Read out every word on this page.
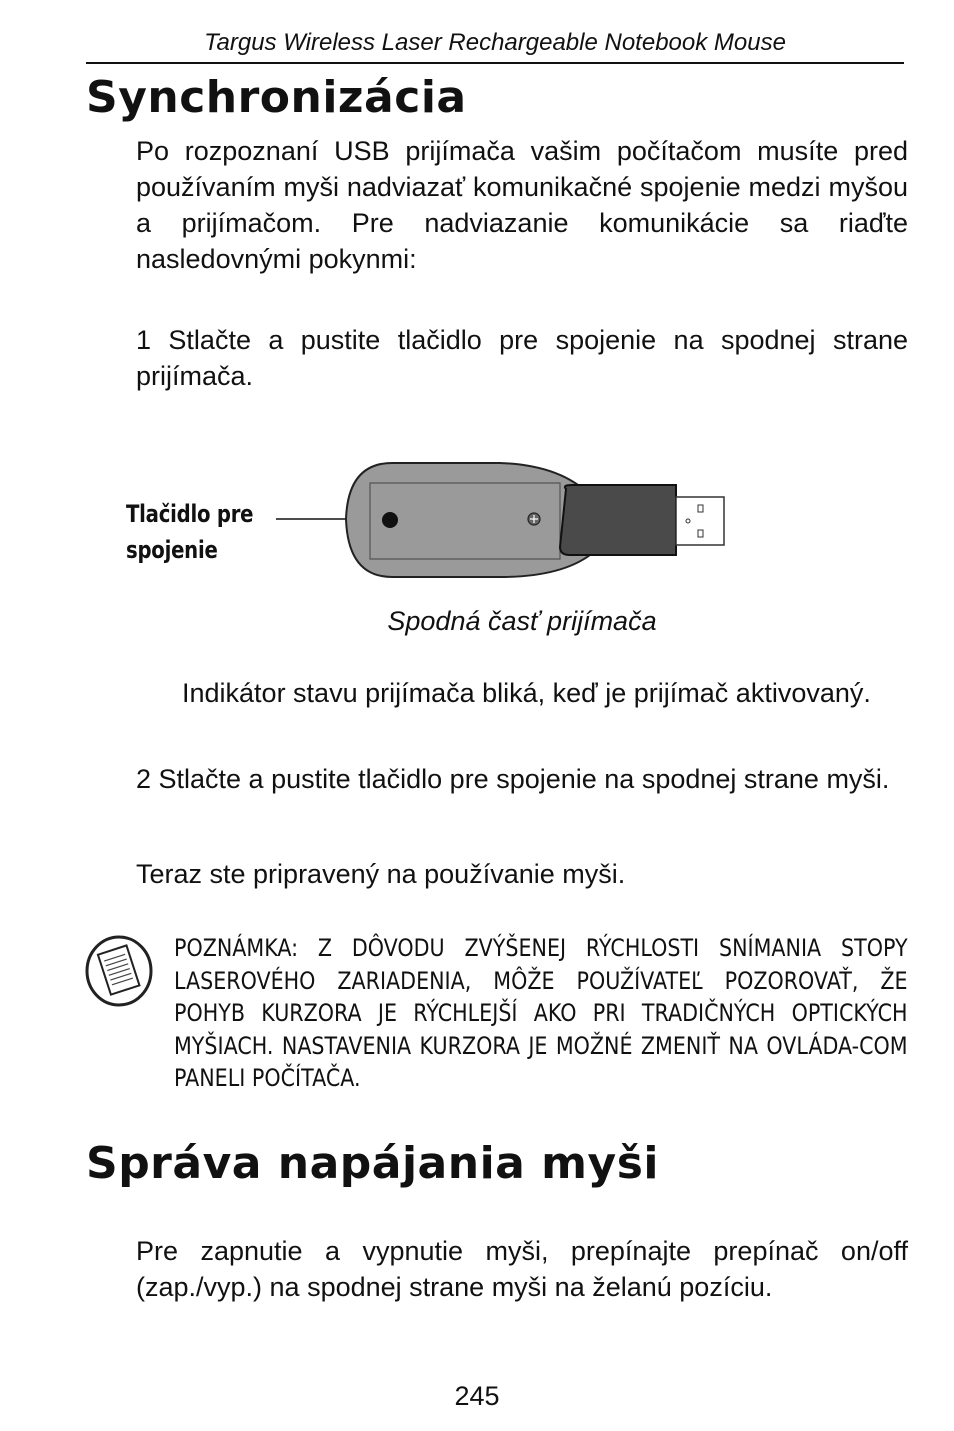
Targus Wireless Laser Rechargeable Notebook Mouse
Synchronizácia

Po rozpoznaní USB prijímača vašim počítačom musíte pred používaním myši nadviazať komunikačné spojenie medzi myšou a prijímačom. Pre nadviazanie komunikácie sa riaďte nasledovnými pokynmi:

1 Stlačte a pustite tlačidlo pre spojenie na spodnej strane prijímača.

Tlačidlo pre
spojenie
Spodná časť prijímača

Indikátor stavu prijímača bliká, keď je prijímač aktivovaný.

2 Stlačte a pustite tlačidlo pre spojenie na spodnej strane myši.

Teraz ste pripravený na používanie myši.

POZNÁMKA: Z DÔVODU ZVÝŠENEJ RÝCHLOSTI SNÍMANIA STOPY LASEROVÉHO ZARIADENIA, MÔŽE POUŽÍVATEĽ POZOROVAŤ, ŽE POHYB KURZORA JE RÝCHLEJŠÍ AKO PRI TRADIČNÝCH OPTICKÝCH MYŠIACH. NASTAVENIA KURZORA JE MOŽNÉ ZMENIŤ NA OVLÁDA-COM PANELI POČÍTAČA.
Správa napájania myši

Pre zapnutie a vypnutie myši, prepínajte prepínač on/off (zap./vyp.) na spodnej strane myši na želanú pozíciu.

245
